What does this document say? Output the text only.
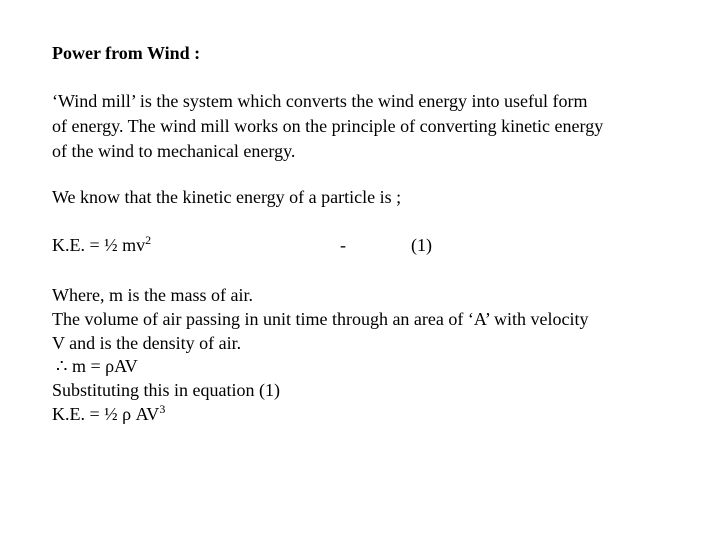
Power from Wind :
‘Wind mill’ is the system which converts the wind energy into useful form
of energy. The wind mill works on the principle of converting kinetic energy
of the wind to mechanical energy.
We know that the kinetic energy of a particle is ;
K.E. = ½ $mv^2$	-	(1)
Where, m is the mass of air.
The volume of air passing in unit time through an area of ‘A’ with velocity
V and is the density of air.
∴ m = ρAV
Substituting this in equation (1)
K.E. = ½ ρ $AV^3$
